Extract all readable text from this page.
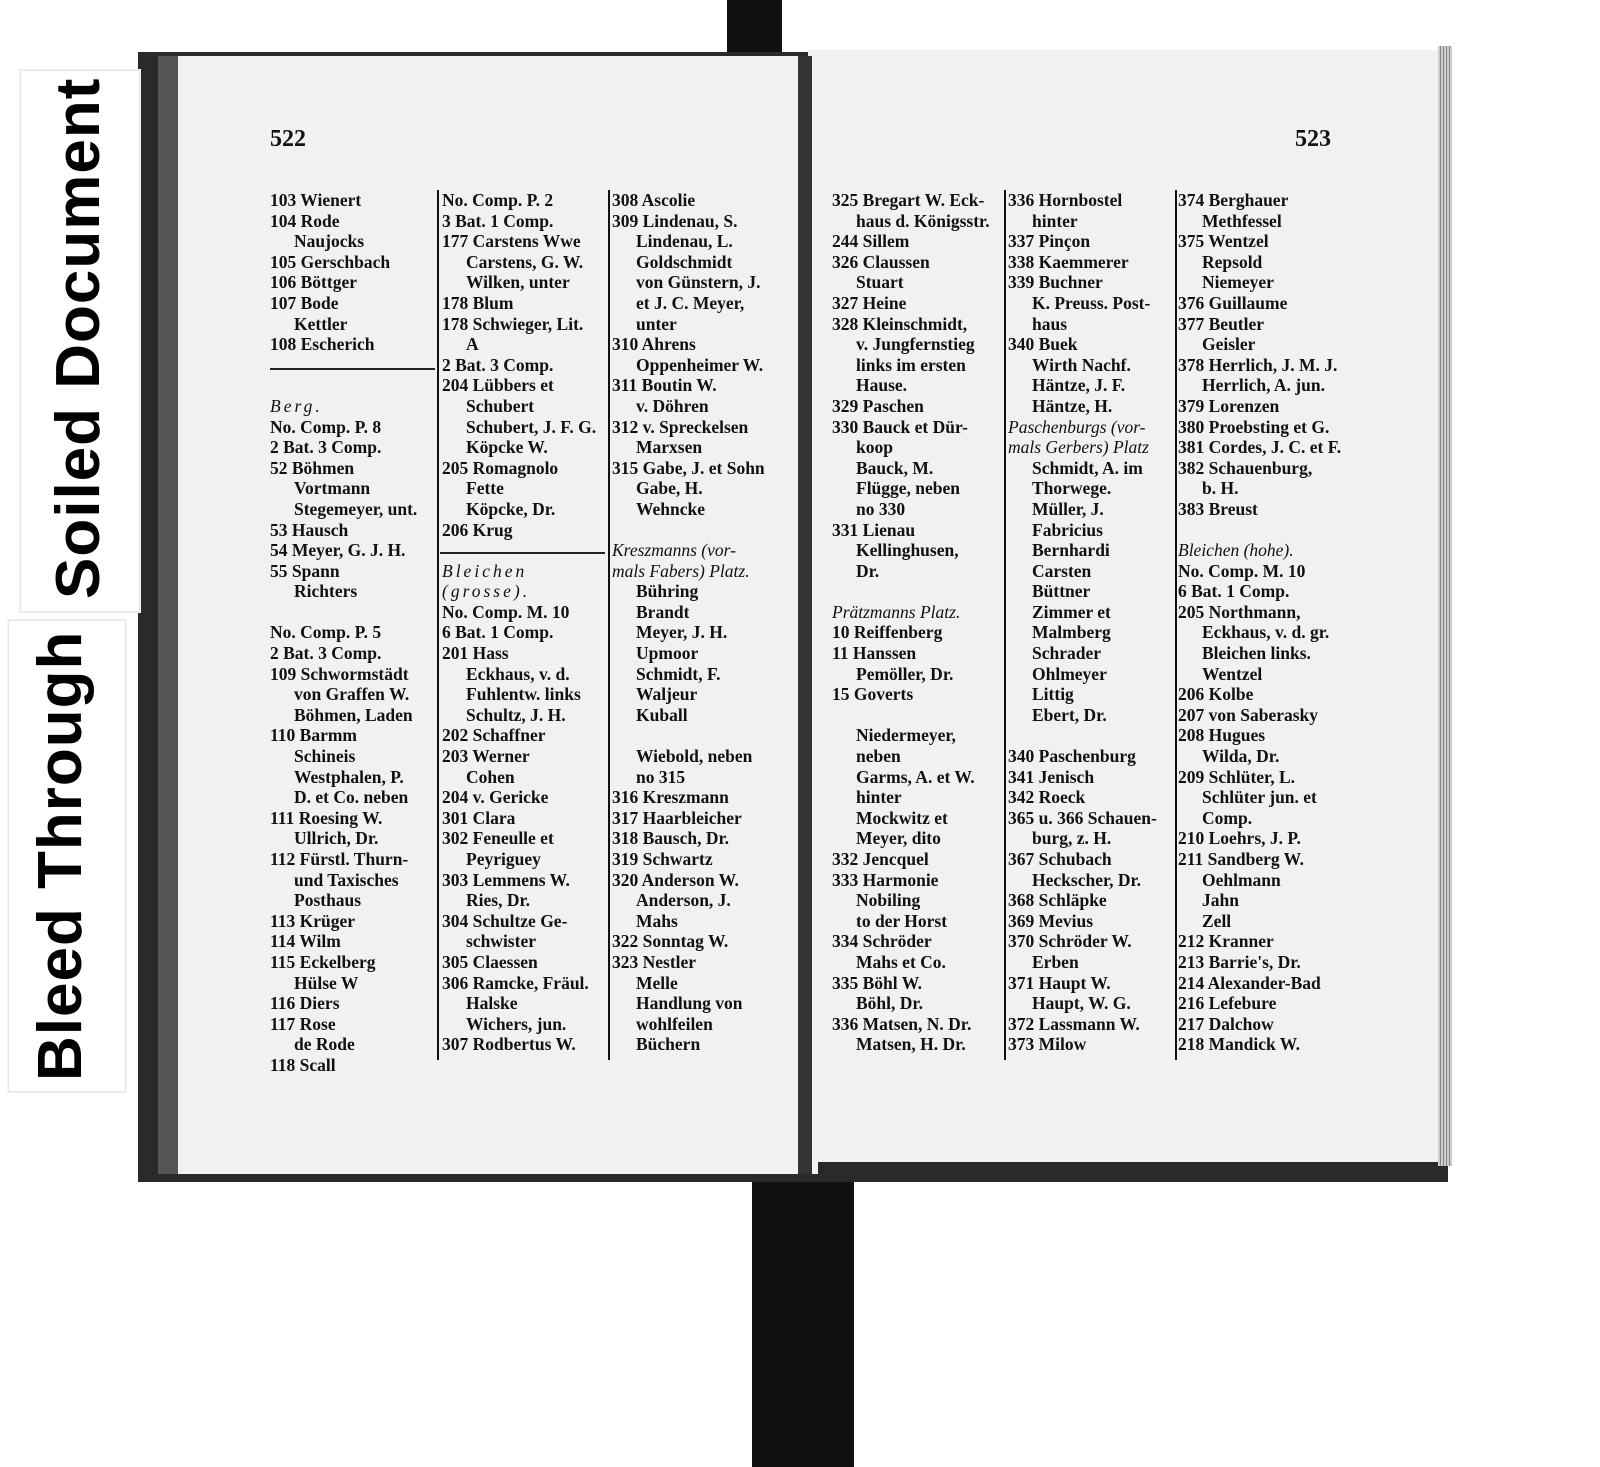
Soiled Document
Bleed Through
522	523
103 Wienert
104 Rode
Naujocks
105 Gerschbach
106 Böttger
107 Bode
Kettler
108 Escherich

Berg.
No. Comp. P. 8
2 Bat. 3 Comp.
52 Böhmen
Vortmann
Stegemeyer, unt.
53 Hausch
54 Meyer, G. J. H.
55 Spann
Richters

No. Comp. P. 5
2 Bat. 3 Comp.
109 Schwormstädt
von Graffen W.
Böhmen, Laden
110 Barmm
Schineis
Westphalen, P.
D. et Co. neben
111 Roesing W.
Ullrich, Dr.
112 Fürstl. Thurn-
und Taxisches
Posthaus
113 Krüger
114 Wilm
115 Eckelberg
Hülse W
116 Diers
117 Rose
de Rode
118 Scall
No. Comp. P. 2
3 Bat. 1 Comp.
177 Carstens Wwe
Carstens, G. W.
Wilken, unter
178 Blum
178 Schwieger, Lit.
A
2 Bat. 3 Comp.
204 Lübbers et
Schubert
Schubert, J. F. G.
Köpcke W.
205 Romagnolo
Fette
Köpcke, Dr.
206 Krug

Bleichen
(grosse).
No. Comp. M. 10
6 Bat. 1 Comp.
201 Hass
Eckhaus, v. d.
Fuhlentw. links
Schultz, J. H.
202 Schaffner
203 Werner
Cohen
204 v. Gericke
301 Clara
302 Feneulle et
Peyriguey
303 Lemmens W.
Ries, Dr.
304 Schultze Ge-
schwister
305 Claessen
306 Ramcke, Fräul.
Halske
Wichers, jun.
307 Rodbertus W.
308 Ascolie
309 Lindenau, S.
Lindenau, L.
Goldschmidt
von Günstern, J.
et J. C. Meyer,
unter
310 Ahrens
Oppenheimer W.
311 Boutin W.
v. Döhren
312 v. Spreckelsen
Marxsen
315 Gabe, J. et Sohn
Gabe, H.
Wehncke

Kreszmanns (vor-
mals Fabers) Platz.
Bühring
Brandt
Meyer, J. H.
Upmoor
Schmidt, F.
Waljeur
Kuball

Wiebold, neben
no 315
316 Kreszmann
317 Haarbleicher
318 Bausch, Dr.
319 Schwartz
320 Anderson W.
Anderson, J.
Mahs
322 Sonntag W.
323 Nestler
Melle
Handlung von
wohlfeilen
Büchern
325 Bregart W. Eck-
haus d. Königsstr.
244 Sillem
326 Claussen
Stuart
327 Heine
328 Kleinschmidt,
v. Jungfernstieg
links im ersten
Hause.
329 Paschen
330 Bauck et Dür-
koop
Bauck, M.
Flügge, neben
no 330
331 Lienau
Kellinghusen,
Dr.

Prätzmanns Platz.
10 Reiffenberg
11 Hanssen
Pemöller, Dr.
15 Goverts

Niedermeyer,
neben
Garms, A. et W.
hinter
Mockwitz et
Meyer, dito
332 Jencquel
333 Harmonie
Nobiling
to der Horst
334 Schröder
Mahs et Co.
335 Böhl W.
Böhl, Dr.
336 Matsen, N. Dr.
Matsen, H. Dr.
336 Hornbostel
hinter
337 Pinçon
338 Kaemmerer
339 Buchner
K. Preuss. Post-
haus
340 Buek
Wirth Nachf.
Häntze, J. F.
Häntze, H.
Paschenburgs (vor-
mals Gerbers) Platz
Schmidt, A. im
Thorwege.
Müller, J.
Fabricius
Bernhardi
Carsten
Büttner
Zimmer et
Malmberg
Schrader
Ohlmeyer
Littig
Ebert, Dr.

340 Paschenburg
341 Jenisch
342 Roeck
365 u. 366 Schauen-
burg, z. H.
367 Schubach
Heckscher, Dr.
368 Schläpke
369 Mevius
370 Schröder W.
Erben
371 Haupt W.
Haupt, W. G.
372 Lassmann W.
373 Milow
374 Berghauer
Methfessel
375 Wentzel
Repsold
Niemeyer
376 Guillaume
377 Beutler
Geisler
378 Herrlich, J. M. J.
Herrlich, A. jun.
379 Lorenzen
380 Proebsting et G.
381 Cordes, J. C. et F.
382 Schauenburg,
b. H.
383 Breust

Bleichen (hohe).
No. Comp. M. 10
6 Bat. 1 Comp.
205 Northmann,
Eckhaus, v. d. gr.
Bleichen links.
Wentzel
206 Kolbe
207 von Saberasky
208 Hugues
Wilda, Dr.
209 Schlüter, L.
Schlüter jun. et
Comp.
210 Loehrs, J. P.
211 Sandberg W.
Oehlmann
Jahn
Zell
212 Kranner
213 Barrie's, Dr.
214 Alexander-Bad
216 Lefebure
217 Dalchow
218 Mandick W.
